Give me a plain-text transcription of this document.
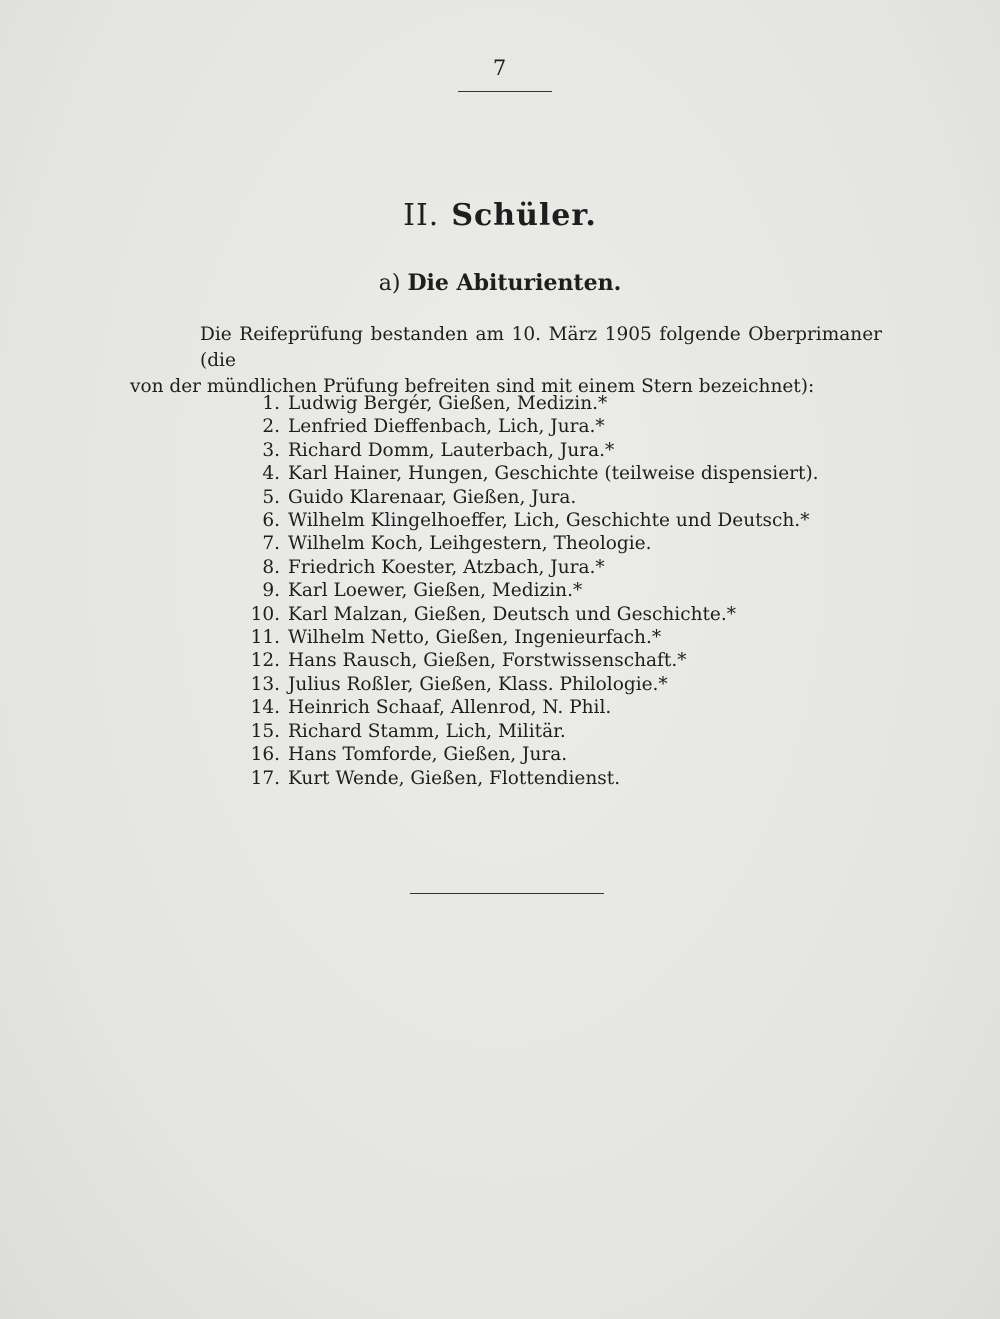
7
II. Schüler.
a) Die Abiturienten.
Die Reifeprüfung bestanden am 10. März 1905 folgende Oberprimaner (die
von der mündlichen Prüfung befreiten sind mit einem Stern bezeichnet):
1. Ludwig Bergér, Gießen, Medizin.*
2. Lenfried Dieffenbach, Lich, Jura.*
3. Richard Domm, Lauterbach, Jura.*
4. Karl Hainer, Hungen, Geschichte (teilweise dispensiert).
5. Guido Klarenaar, Gießen, Jura.
6. Wilhelm Klingelhoeffer, Lich, Geschichte und Deutsch.*
7. Wilhelm Koch, Leihgestern, Theologie.
8. Friedrich Koester, Atzbach, Jura.*
9. Karl Loewer, Gießen, Medizin.*
10. Karl Malzan, Gießen, Deutsch und Geschichte.*
11. Wilhelm Netto, Gießen, Ingenieurfach.*
12. Hans Rausch, Gießen, Forstwissenschaft.*
13. Julius Roßler, Gießen, Klass. Philologie.*
14. Heinrich Schaaf, Allenrod, N. Phil.
15. Richard Stamm, Lich, Militär.
16. Hans Tomforde, Gießen, Jura.
17. Kurt Wende, Gießen, Flottendienst.
